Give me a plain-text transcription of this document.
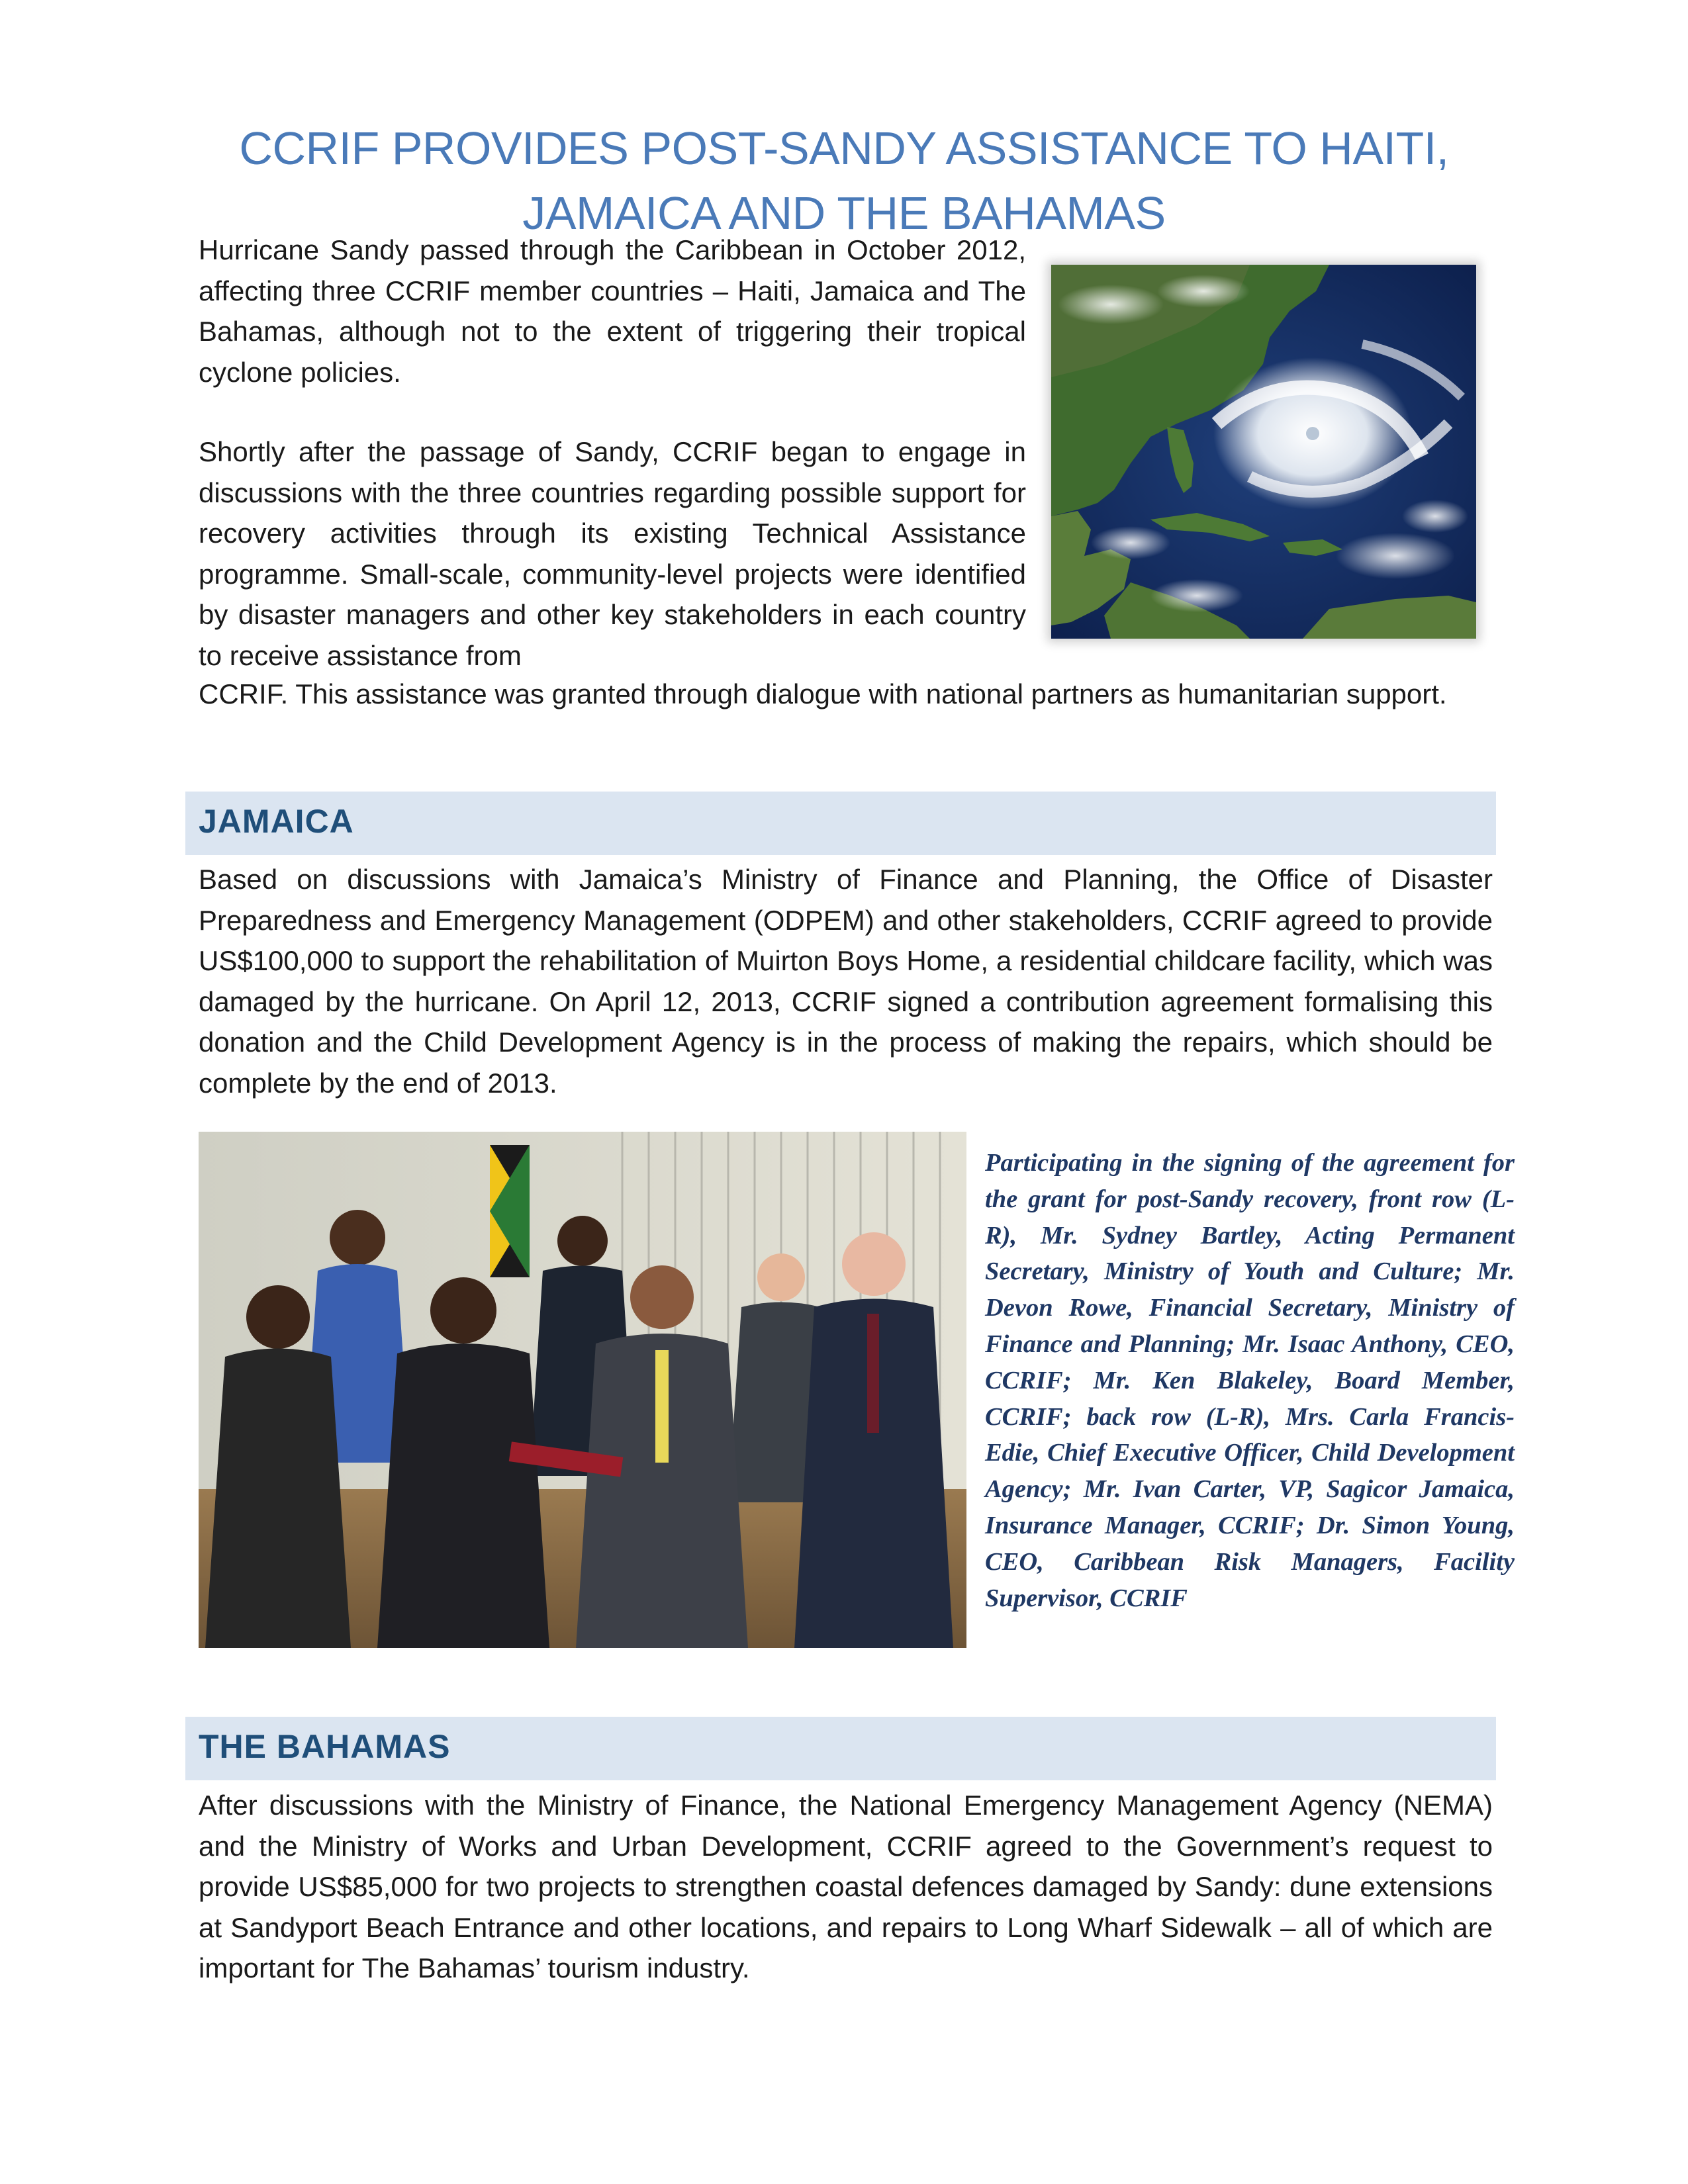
CCRIF PROVIDES POST-SANDY ASSISTANCE TO HAITI,
JAMAICA AND THE BAHAMAS

Hurricane Sandy passed through the Caribbean in October 2012, affecting three CCRIF member countries – Haiti, Jamaica and The Bahamas, although not to the extent of triggering their tropical cyclone policies.

Shortly after the passage of Sandy, CCRIF began to engage in discussions with the three countries regarding possible support for recovery activities through its existing Technical Assistance programme. Small-scale, community-level projects were identified by disaster managers and other key stakeholders in each country to receive assistance from

CCRIF. This assistance was granted through dialogue with national partners as humanitarian support.

JAMAICA

Based on discussions with Jamaica’s Ministry of Finance and Planning, the Office of Disaster Preparedness and Emergency Management (ODPEM) and other stakeholders, CCRIF agreed to provide US$100,000 to support the rehabilitation of Muirton Boys Home, a residential childcare facility, which was damaged by the hurricane. On April 12, 2013, CCRIF signed a contribution agreement formalising this donation and the Child Development Agency is in the process of making the repairs, which should be complete by the end of 2013.

Participating in the signing of the agreement for the grant for post-Sandy recovery, front row (L-R), Mr. Sydney Bartley, Acting Permanent Secretary, Ministry of Youth and Culture; Mr. Devon Rowe, Financial Secretary, Ministry of Finance and Planning; Mr. Isaac Anthony, CEO, CCRIF; Mr. Ken Blakeley, Board Member, CCRIF; back row (L-R), Mrs. Carla Francis-Edie, Chief Executive Officer, Child Development Agency; Mr. Ivan Carter, VP, Sagicor Jamaica, Insurance Manager, CCRIF; Dr. Simon Young, CEO, Caribbean Risk Managers, Facility Supervisor, CCRIF

THE BAHAMAS

After discussions with the Ministry of Finance, the National Emergency Management Agency (NEMA) and the Ministry of Works and Urban Development, CCRIF agreed to the Government’s request to provide US$85,000 for two projects to strengthen coastal defences damaged by Sandy: dune extensions at Sandyport Beach Entrance and other locations, and repairs to Long Wharf Sidewalk – all of which are important for The Bahamas’ tourism industry.
